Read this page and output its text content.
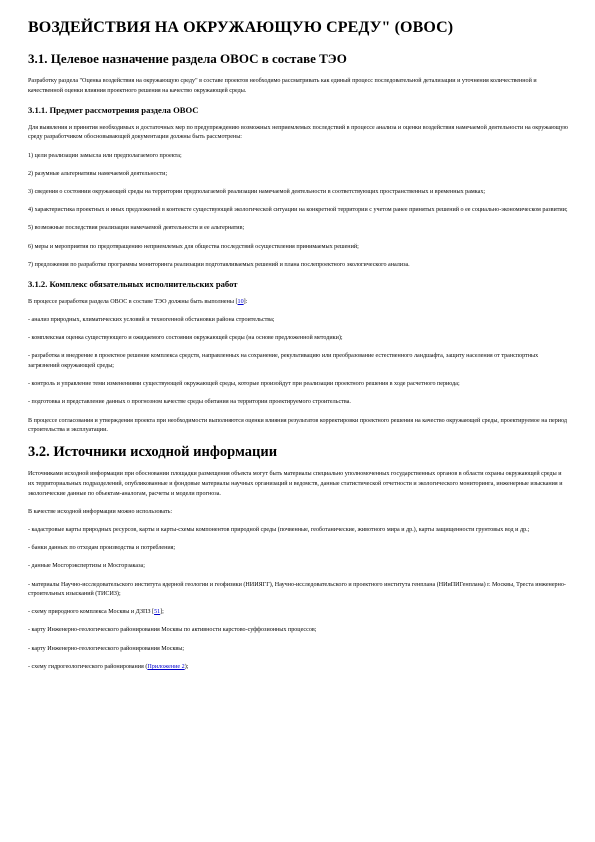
ВОЗДЕЙСТВИЯ НА ОКРУЖАЮЩУЮ СРЕДУ" (ОВОС)
3.1. Целевое назначение раздела ОВОС в составе ТЭО

Разработку раздела "Оценка воздействия на окружающую среду" в составе проектов необходимо рассматривать как единый процесс последовательной детализации и уточнения количественной и качественной оценки влияния проектного решения на качество окружающей среды.

3.1.1. Предмет рассмотрения раздела ОВОС

Для выявления и принятия необходимых и достаточных мер по предупреждению возможных неприемлемых последствий в процессе анализа и оценки воздействия намечаемой деятельности на окружающую среду разработчиком обосновывающей документации должны быть рассмотрены:

1) цели реализации замысла или предполагаемого проекта;

2) разумные альтернативы намечаемой деятельности;

3) сведения о состоянии окружающей среды на территории предполагаемой реализации намечаемой деятельности в соответствующих пространственных и временных рамках;

4) характеристика проектных и иных предложений в контексте существующей экологической ситуации на конкретной территории с учетом ранее принятых решений о ее социально-экономическом развитии;

5) возможные последствия реализации намечаемой деятельности и ее альтернатив;

6) меры и мероприятия по предотвращению неприемлемых для общества последствий осуществления принимаемых решений;

7) предложения по разработке программы мониторинга реализации подготавливаемых решений и плана послепроектного экологического анализа.

3.1.2. Комплекс обязательных исполнительских работ

В процессе разработки раздела ОВОС в составе ТЭО должны быть выполнены [10]:

- анализ природных, климатических условий и техногенной обстановки района строительства;

- комплексная оценка существующего и ожидаемого состояния окружающей среды (на основе предложенной методики);

- разработка и внедрение в проектное решение комплекса средств, направленных на сохранение, рекультивацию или преобразование естественного ландшафта, защиту населения от транспортных загрязнений окружающей среды;

- контроль и управление теми изменениями существующей окружающей среды, которые произойдут при реализации проектного решения в ходе расчетного периода;

- подготовка и представление данных о прогнозном качестве среды обитания на территории проектируемого строительства.

В процессе согласования и утверждения проекта при необходимости выполняются оценки влияния результатов корректировки проектного решения на качество окружающей среды, проектируемое на период строительства и эксплуатации.

3.2. Источники исходной информации

Источниками исходной информации при обосновании площадки размещения объекта могут быть материалы специально уполномоченных государственных органов в области охраны окружающей среды и их территориальных подразделений, опубликованные и фондовые материалы научных организаций и ведомств, данные статистической отчетности и экологического мониторинга, инженерные изыскания и экологические данные по объектам-аналогам, расчеты и модели прогноза.

В качестве исходной информации можно использовать:

- кадастровые карты природных ресурсов, карты и карты-схемы компонентов природной среды (почвенные, геоботанические, животного мира и др.), карты защищенности грунтовых вод и др.;

- банки данных по отходам производства и потребления;

- данные Мосгорэкспертизы и Мосгорзаказа;

- материалы Научно-исследовательского института ядерной геологии и геофизики (НИИЯГГ), Научно-исследовательского и проектного института генплана (НИиПИГенплана) г. Москвы, Треста инженерно-строительных изысканий (ТИСИЗ);

- схему природного комплекса Москвы и ДЗПЗ [51];

- карту Инженерно-геологического районирования Москвы по активности карстово-суффозионных процессов;

- карту Инженерно-геологического районирования Москвы;

- схему гидрогеологического районирования (Приложение 2);
